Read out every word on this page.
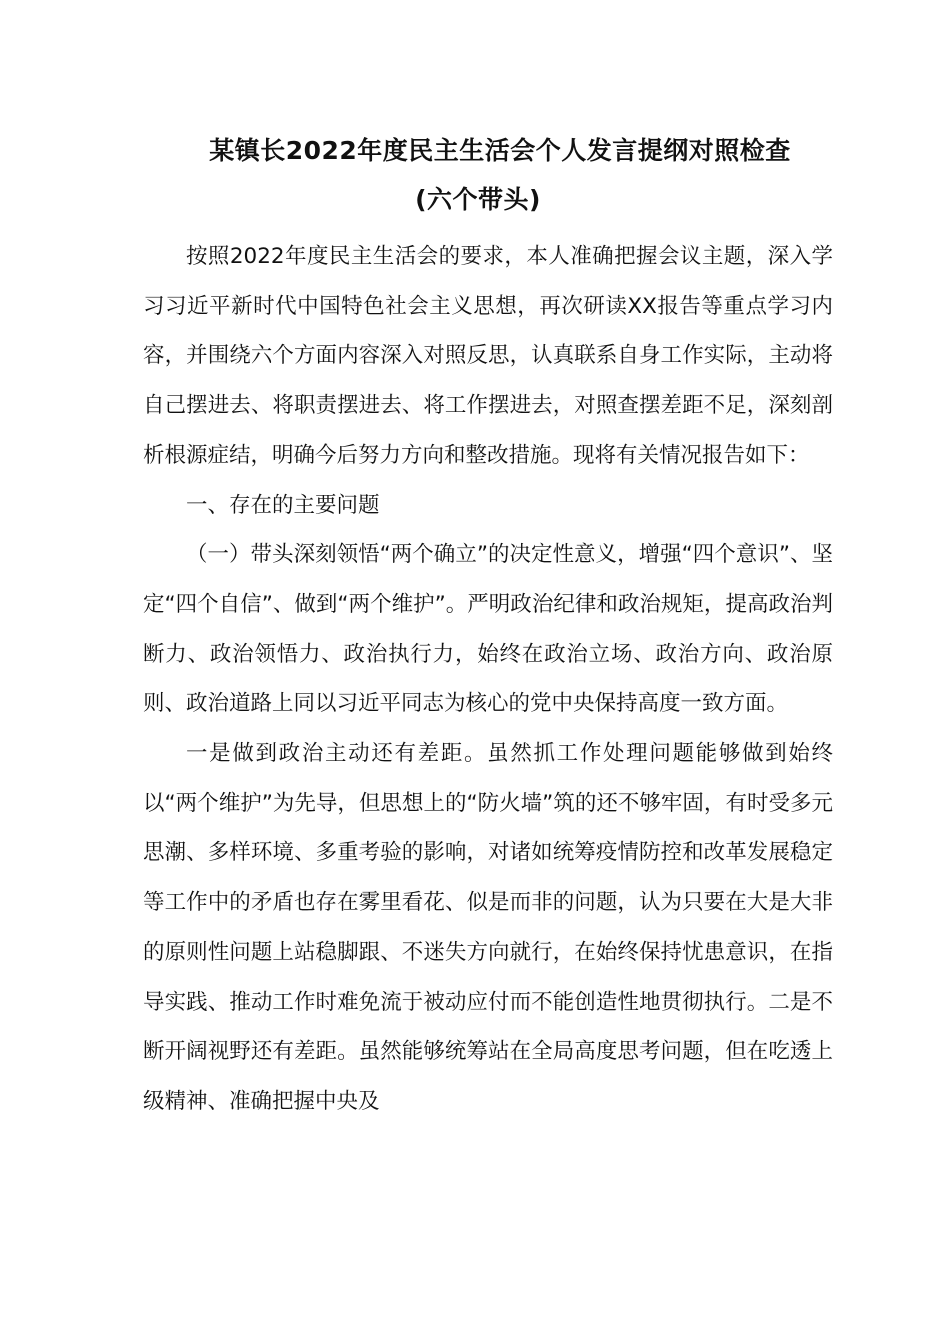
某镇长2022年度民主生活会个人发言提纲对照检查
(六个带头)

按照2022年度民主生活会的要求，本人准确把握会议主题，深入学习习近平新时代中国特色社会主义思想，再次研读XX报告等重点学习内容，并围绕六个方面内容深入对照反思，认真联系自身工作实际，主动将自己摆进去、将职责摆进去、将工作摆进去，对照查摆差距不足，深刻剖析根源症结，明确今后努力方向和整改措施。现将有关情况报告如下：

一、存在的主要问题

（一）带头深刻领悟“两个确立”的决定性意义，增强“四个意识”、坚定“四个自信”、做到“两个维护”。严明政治纪律和政治规矩，提高政治判断力、政治领悟力、政治执行力，始终在政治立场、政治方向、政治原则、政治道路上同以习近平同志为核心的党中央保持高度一致方面。

一是做到政治主动还有差距。虽然抓工作处理问题能够做到始终以“两个维护”为先导，但思想上的“防火墙”筑的还不够牢固，有时受多元思潮、多样环境、多重考验的影响，对诸如统筹疫情防控和改革发展稳定等工作中的矛盾也存在雾里看花、似是而非的问题，认为只要在大是大非的原则性问题上站稳脚跟、不迷失方向就行，在始终保持忧患意识，在指导实践、推动工作时难免流于被动应付而不能创造性地贯彻执行。二是不断开阔视野还有差距。虽然能够统筹站在全局高度思考问题，但在吃透上级精神、准确把握中央及
